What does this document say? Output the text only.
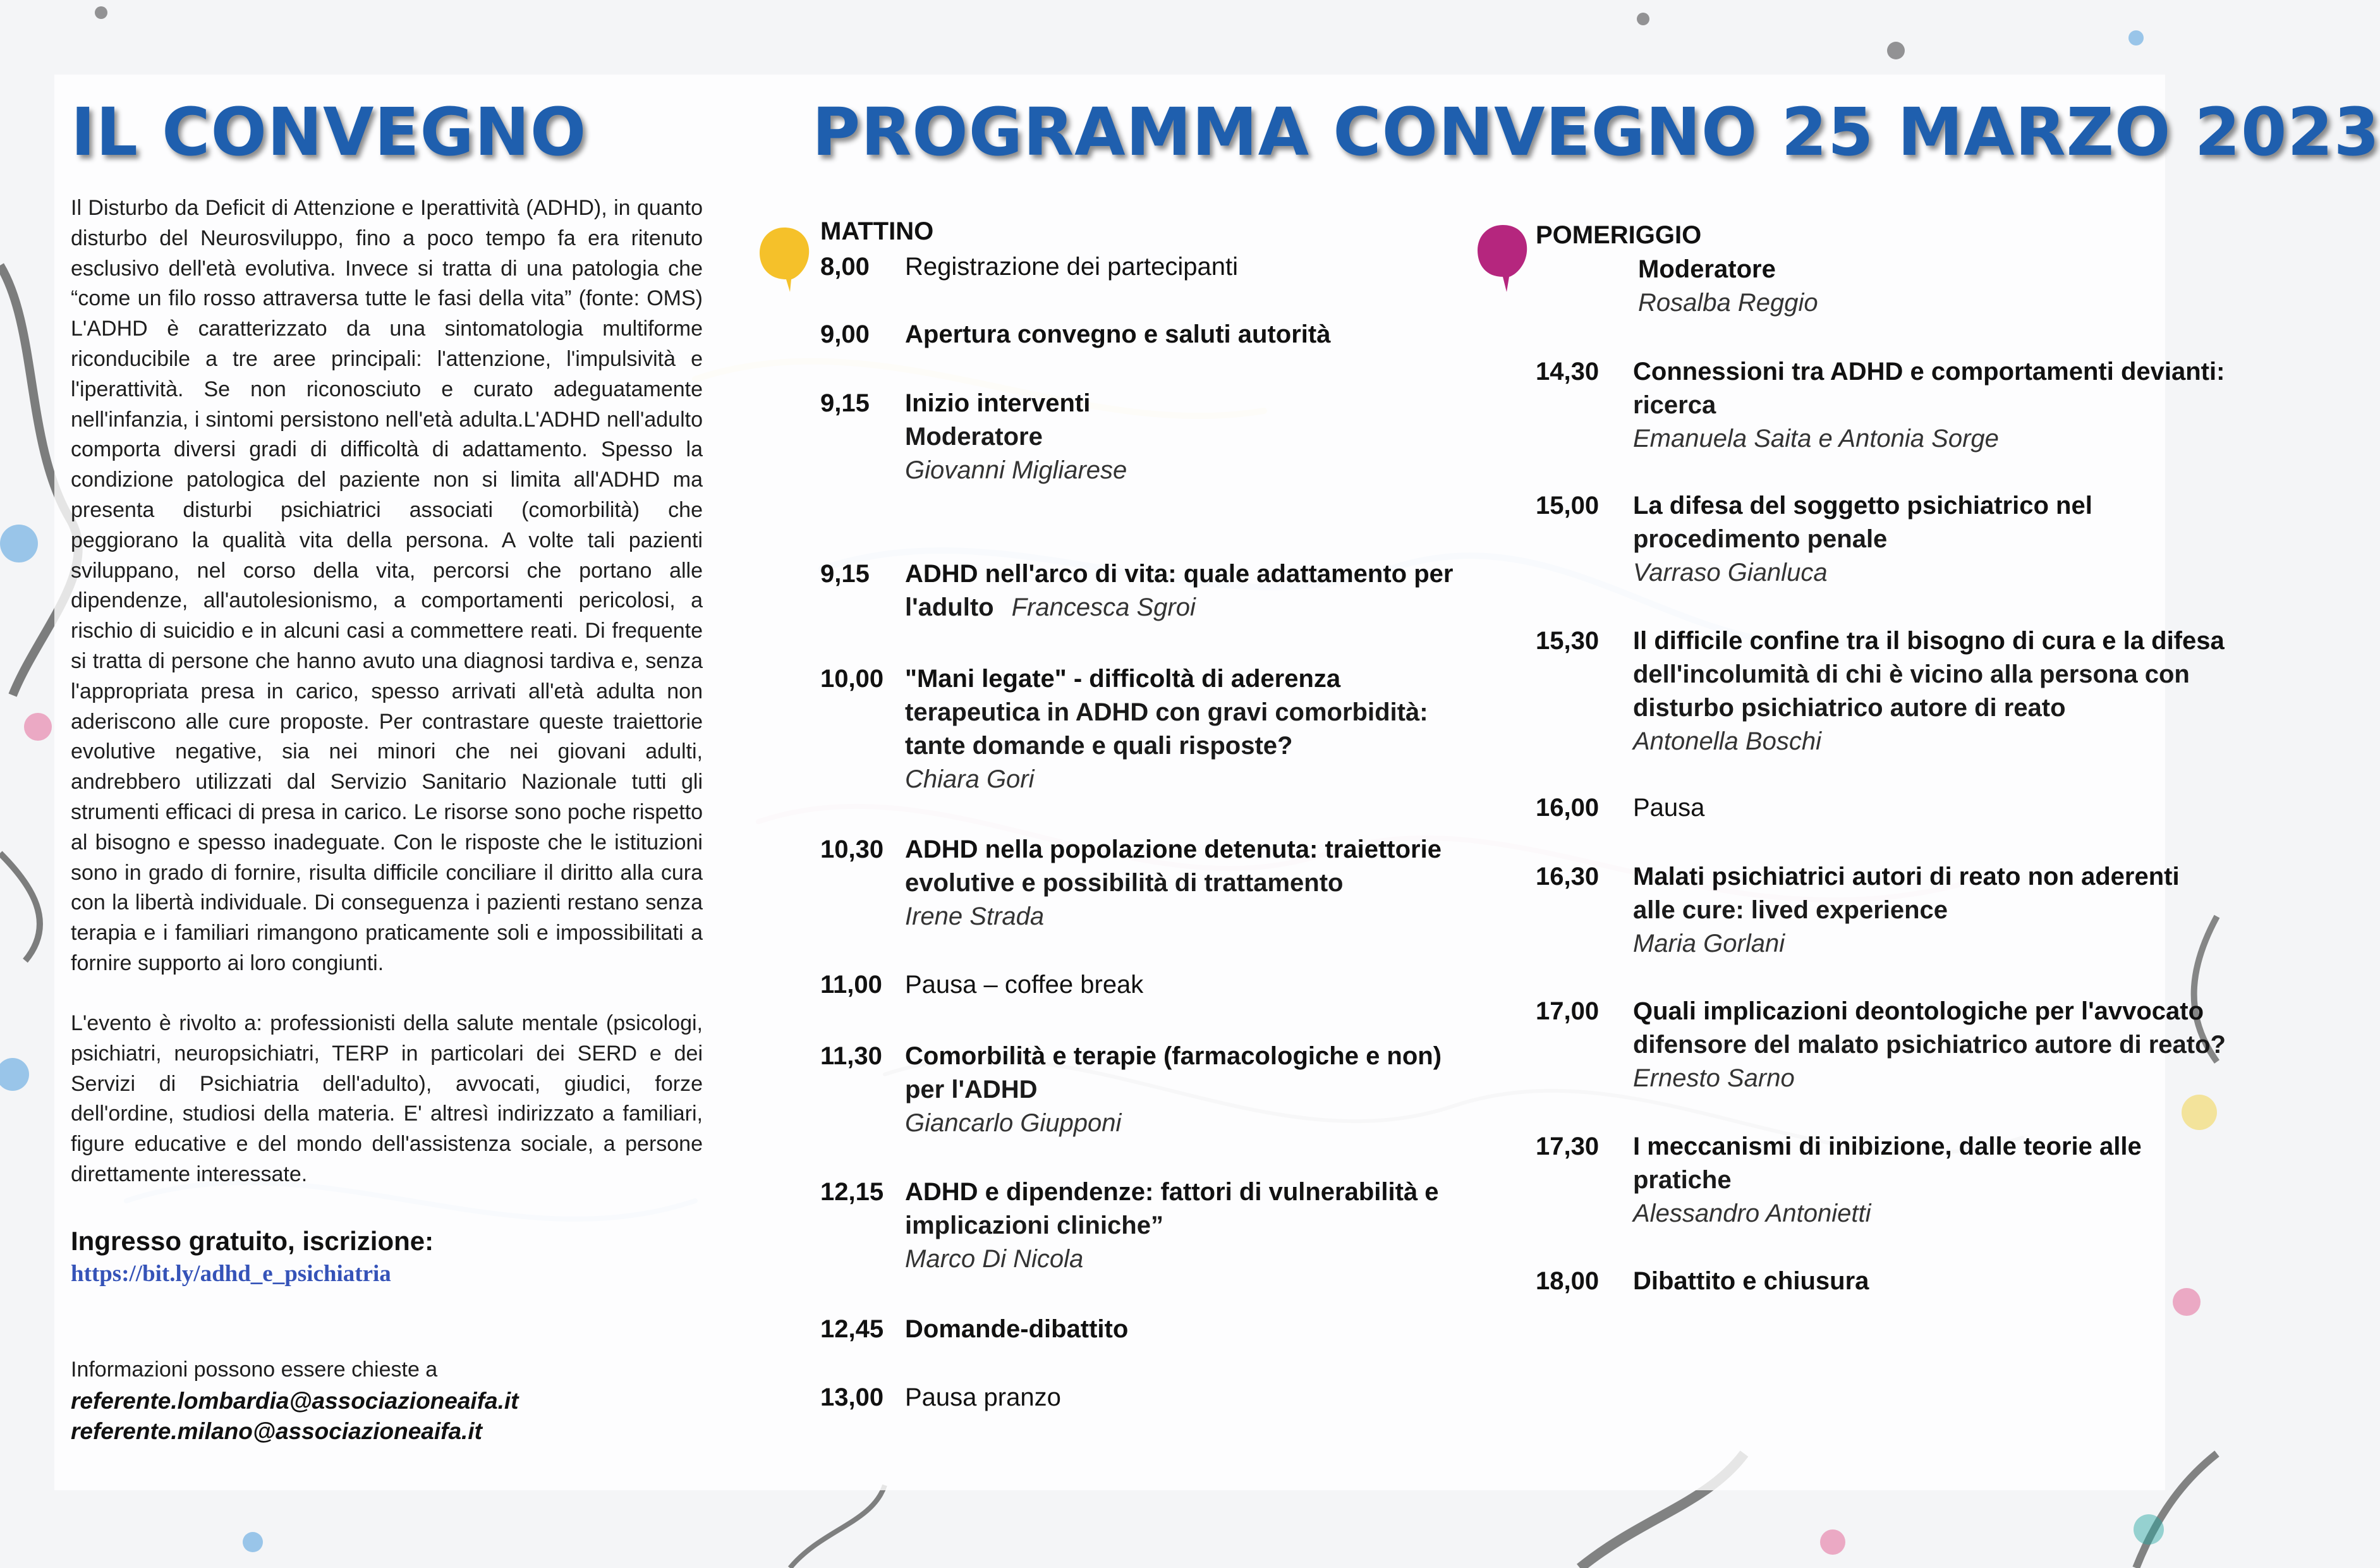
IL CONVEGNO	PROGRAMMA CONVEGNO 25 MARZO 2023

Il Disturbo da Deficit di Attenzione e Iperattività (ADHD), in quanto disturbo del Neurosviluppo, fino a poco tempo fa era ritenuto esclusivo dell'età evolutiva. Invece si tratta di una patologia che “come un filo rosso attraversa tutte le fasi della vita” (fonte: OMS) L'ADHD è caratterizzato da una sintomatologia multiforme riconducibile a tre aree principali: l'attenzione, l'impulsività e l'iperattività. Se non riconosciuto e curato adeguatamente nell'infanzia, i sintomi persistono nell'età adulta.L'ADHD nell'adulto comporta diversi gradi di difficoltà di adattamento. Spesso la condizione patologica del paziente non si limita all'ADHD ma presenta disturbi psichiatrici associati (comorbilità) che peggiorano la qualità vita della persona. A volte tali pazienti sviluppano, nel corso della vita, percorsi che portano alle dipendenze, all'autolesionismo, a comportamenti pericolosi, a rischio di suicidio e in alcuni casi a commettere reati. Di frequente si tratta di persone che hanno avuto una diagnosi tardiva e, senza l'appropriata presa in carico, spesso arrivati all'età adulta non aderiscono alle cure proposte. Per contrastare queste traiettorie evolutive negative, sia nei minori che nei giovani adulti, andrebbero utilizzati dal Servizio Sanitario Nazionale tutti gli strumenti efficaci di presa in carico. Le risorse sono poche rispetto al bisogno e spesso inadeguate. Con le risposte che le istituzioni sono in grado di fornire, risulta difficile conciliare il diritto alla cura con la libertà individuale. Di conseguenza i pazienti restano senza terapia e i familiari rimangono praticamente soli e impossibilitati a fornire supporto ai loro congiunti.

L'evento è rivolto a: professionisti della salute mentale (psicologi, psichiatri, neuropsichiatri, TERP in particolari dei SERD e dei Servizi di Psichiatria dell'adulto), avvocati, giudici, forze dell'ordine, studiosi della materia. E' altresì indirizzato a familiari, figure educative e del mondo dell'assistenza sociale, a persone direttamente interessate.

Ingresso gratuito, iscrizione:

https://bit.ly/adhd_e_psichiatria

Informazioni possono essere chieste a

referente.lombardia@associazioneaifa.it

referente.milano@associazioneaifa.it

MATTINO	POMERIGGIO

Moderatore
Rosalba Reggio
8,00 Registrazione dei partecipanti
9,00 Apertura convegno e saluti autorità
9,15 Inizio interventi
Moderatore
Giovanni Migliarese
9,15 ADHD nell'arco di vita: quale adattamento per
l'adulto Francesca Sgroi
10,00 "Mani legate" - difficoltà di aderenza
terapeutica in ADHD con gravi comorbidità:
tante domande e quali risposte?
Chiara Gori
10,30 ADHD nella popolazione detenuta: traiettorie
evolutive e possibilità di trattamento
Irene Strada
11,00 Pausa – coffee break
11,30 Comorbilità e terapie (farmacologiche e non)
per l'ADHD
Giancarlo Giupponi
12,15 ADHD e dipendenze: fattori di vulnerabilità e
implicazioni cliniche”
Marco Di Nicola
12,45 Domande-dibattito
13,00 Pausa pranzo
14,30 Connessioni tra ADHD e comportamenti devianti:
ricerca
Emanuela Saita e Antonia Sorge
15,00 La difesa del soggetto psichiatrico nel
procedimento penale
Varraso Gianluca
15,30 Il difficile confine tra il bisogno di cura e la difesa
dell'incolumità di chi è vicino alla persona con
disturbo psichiatrico autore di reato
Antonella Boschi
16,00 Pausa
16,30 Malati psichiatrici autori di reato non aderenti
alle cure: lived experience
Maria Gorlani
17,00 Quali implicazioni deontologiche per l'avvocato
difensore del malato psichiatrico autore di reato?
Ernesto Sarno
17,30 I meccanismi di inibizione, dalle teorie alle
pratiche
Alessandro Antonietti
18,00 Dibattito e chiusura
